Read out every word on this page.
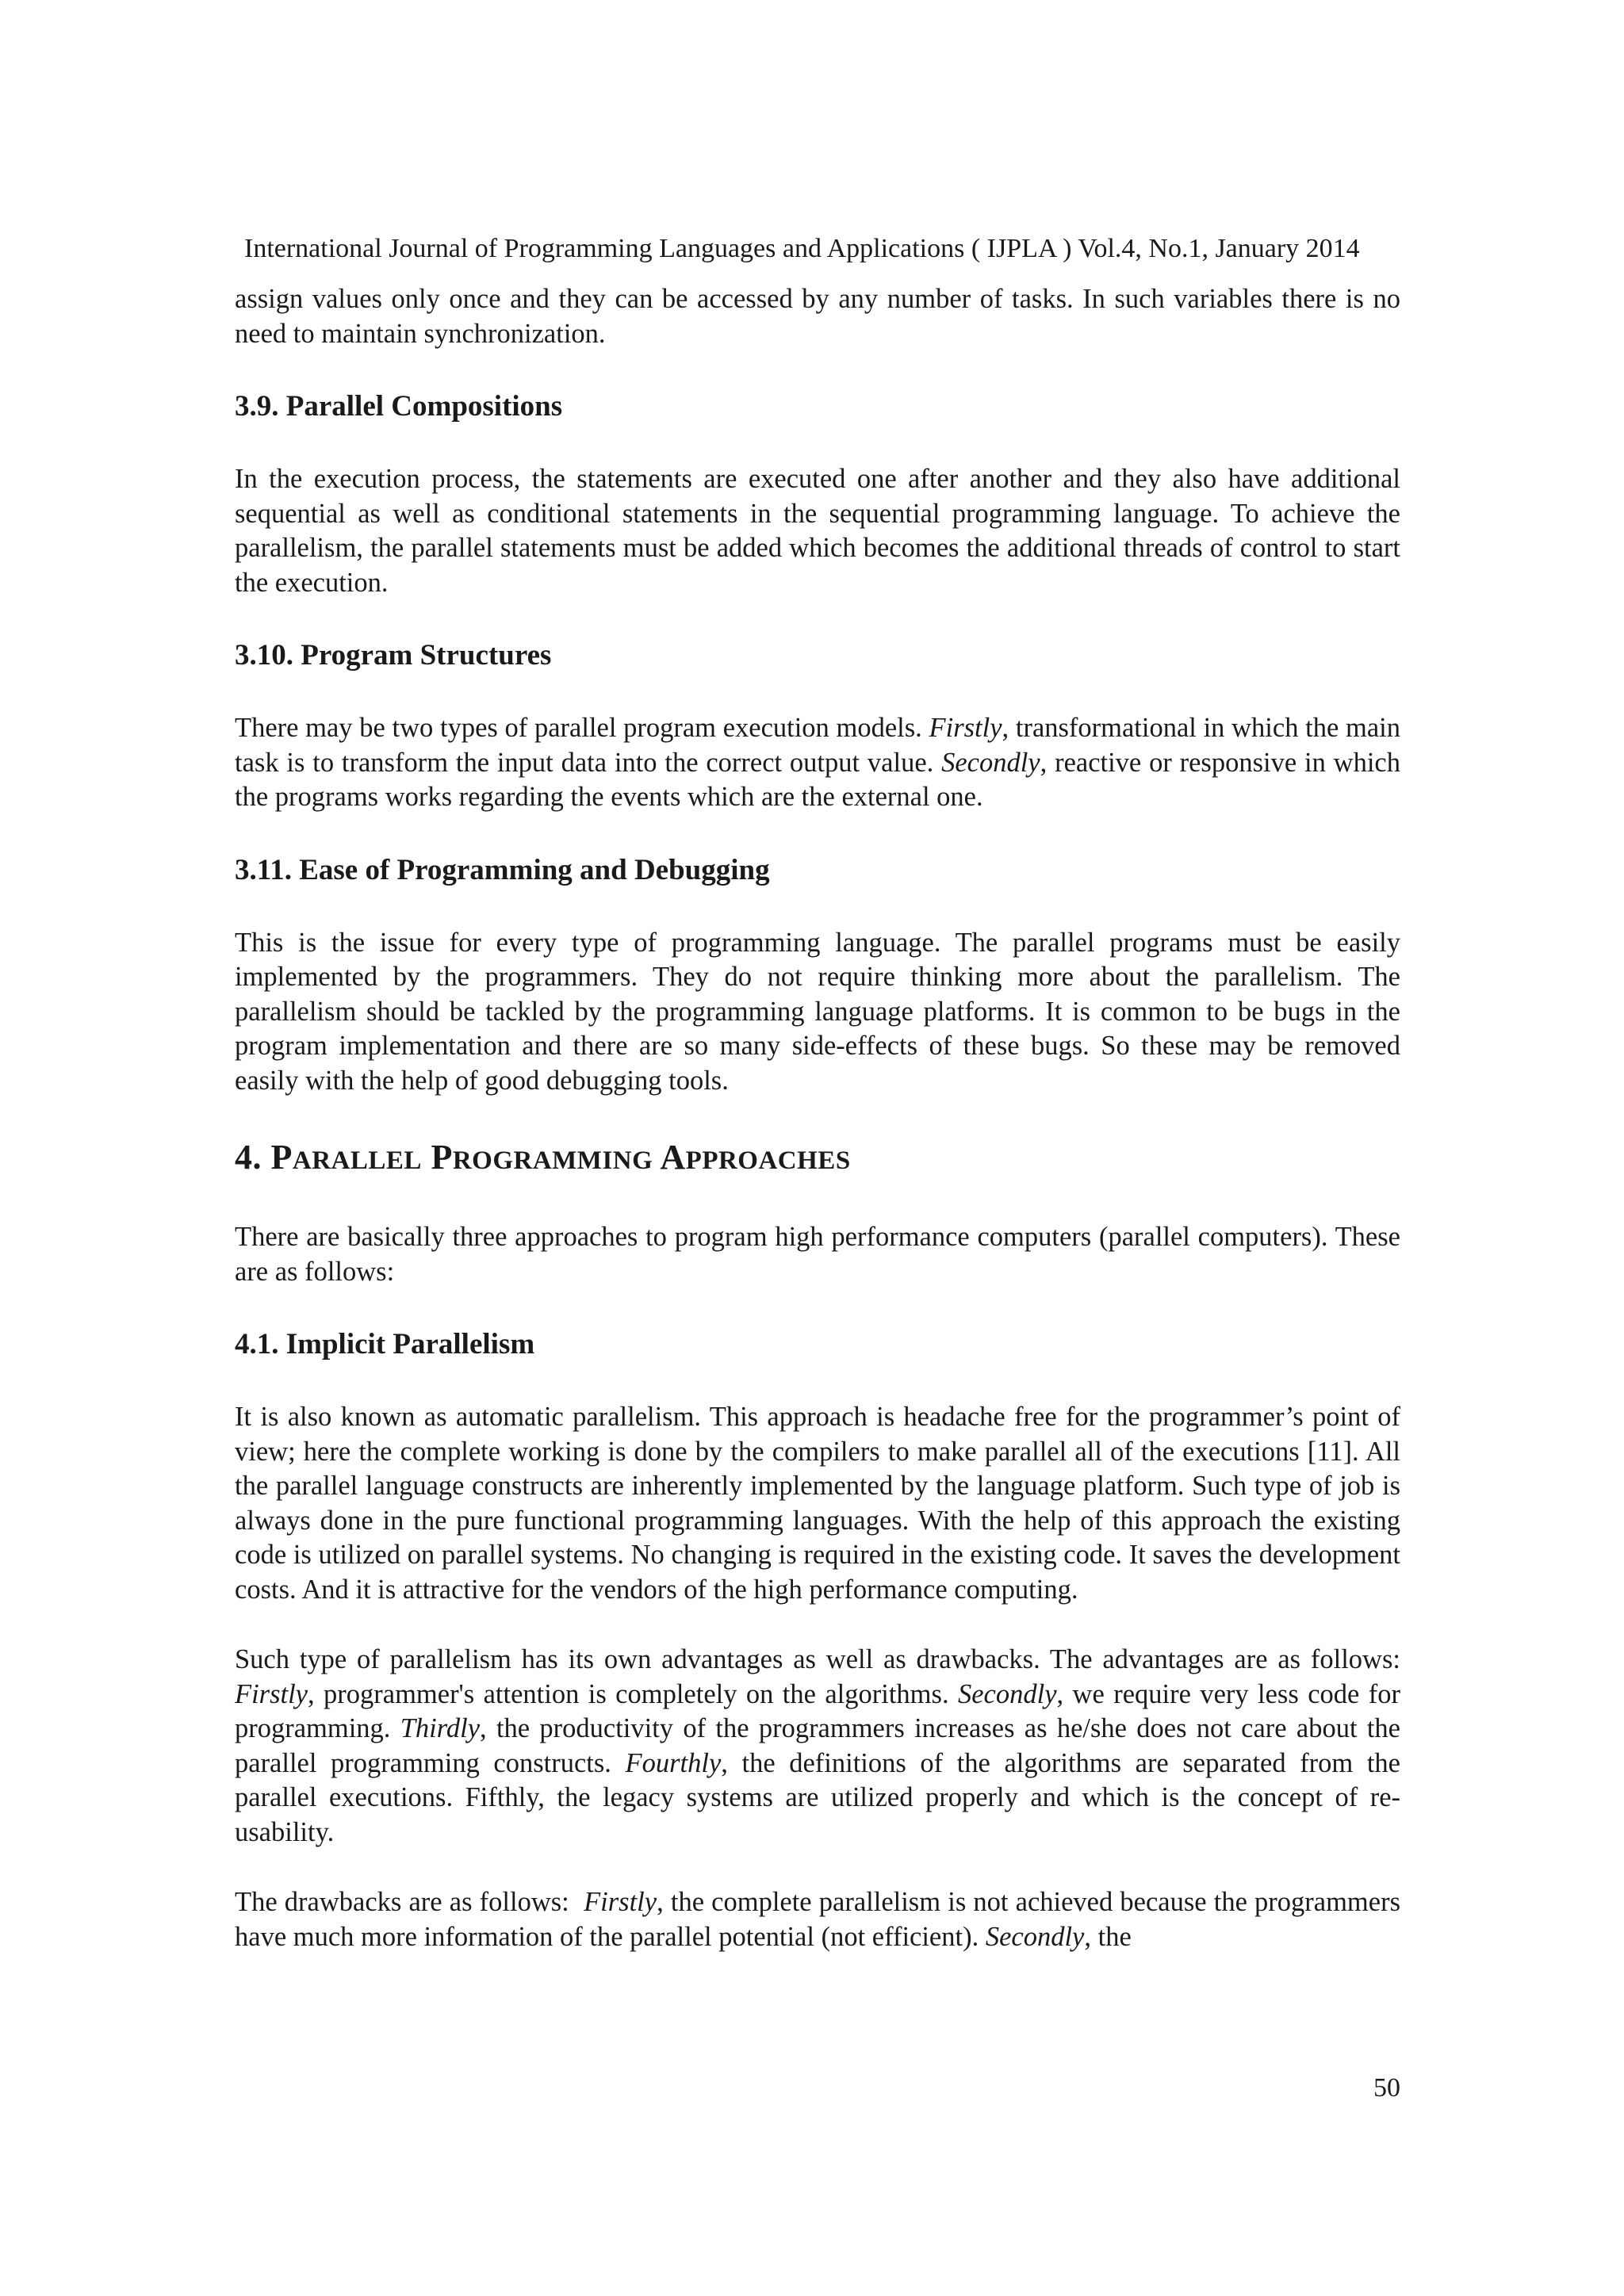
International Journal of Programming Languages and Applications ( IJPLA ) Vol.4, No.1, January 2014

assign values only once and they can be accessed by any number of tasks. In such variables there is no need to maintain synchronization.

3.9. Parallel Compositions

In the execution process, the statements are executed one after another and they also have additional sequential as well as conditional statements in the sequential programming language. To achieve the parallelism, the parallel statements must be added which becomes the additional threads of control to start the execution.

3.10. Program Structures

There may be two types of parallel program execution models. Firstly, transformational in which the main task is to transform the input data into the correct output value. Secondly, reactive or responsive in which the programs works regarding the events which are the external one.

3.11. Ease of Programming and Debugging

This is the issue for every type of programming language. The parallel programs must be easily implemented by the programmers. They do not require thinking more about the parallelism. The parallelism should be tackled by the programming language platforms. It is common to be bugs in the program implementation and there are so many side-effects of these bugs. So these may be removed easily with the help of good debugging tools.

4. PARALLEL PROGRAMMING APPROACHES

There are basically three approaches to program high performance computers (parallel computers). These are as follows:

4.1. Implicit Parallelism

It is also known as automatic parallelism. This approach is headache free for the programmer’s point of view; here the complete working is done by the compilers to make parallel all of the executions [11]. All the parallel language constructs are inherently implemented by the language platform. Such type of job is always done in the pure functional programming languages. With the help of this approach the existing code is utilized on parallel systems. No changing is required in the existing code. It saves the development costs. And it is attractive for the vendors of the high performance computing.

Such type of parallelism has its own advantages as well as drawbacks. The advantages are as follows: Firstly, programmer's attention is completely on the algorithms. Secondly, we require very less code for programming. Thirdly, the productivity of the programmers increases as he/she does not care about the parallel programming constructs. Fourthly, the definitions of the algorithms are separated from the parallel executions. Fifthly, the legacy systems are utilized properly and which is the concept of re-usability.

The drawbacks are as follows:  Firstly, the complete parallelism is not achieved because the programmers have much more information of the parallel potential (not efficient). Secondly, the

50
